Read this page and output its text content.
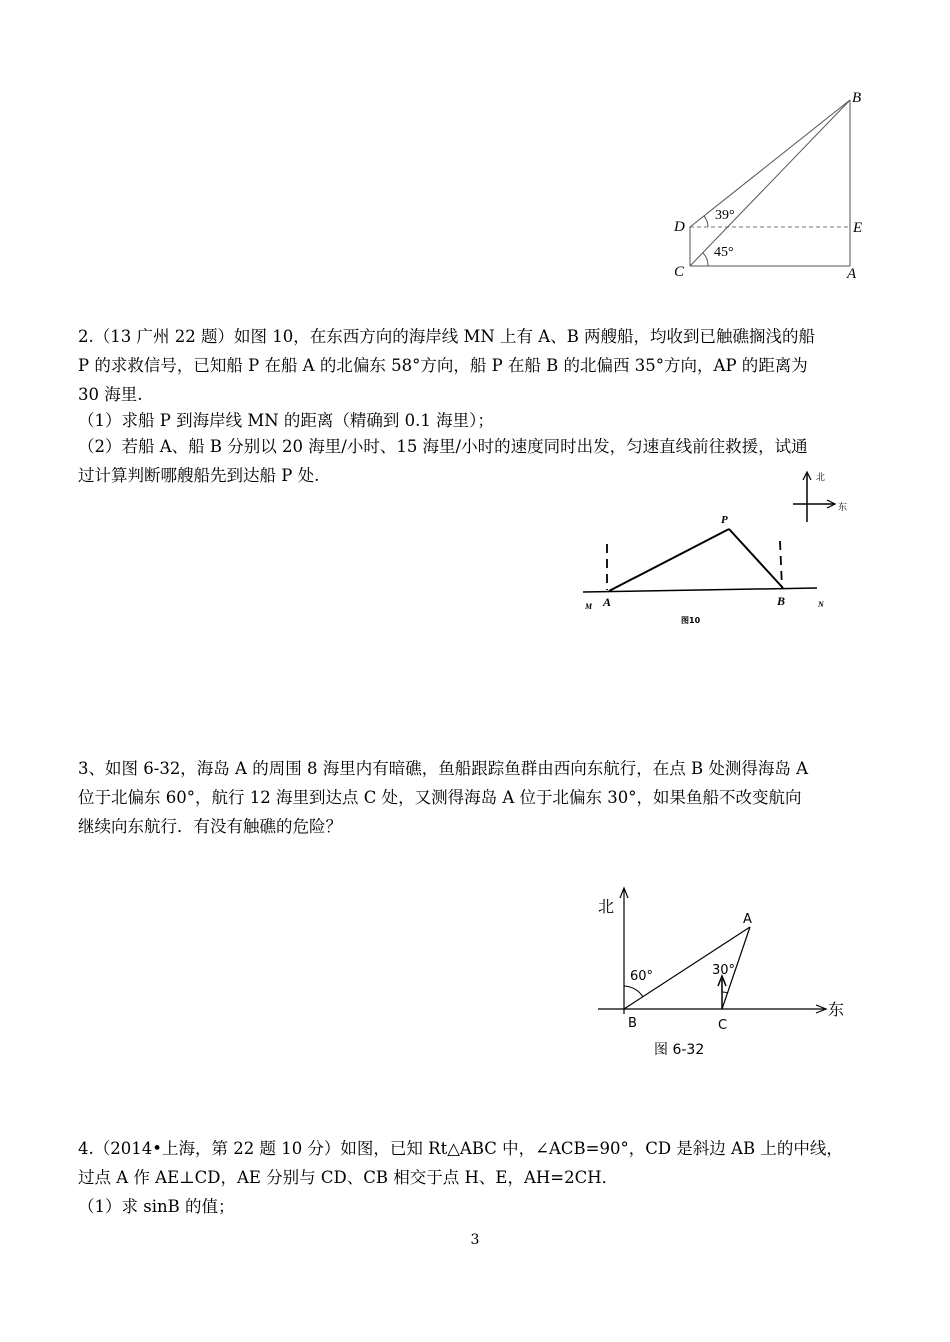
B
D	E
C	A
39°
45°
2.（13 广州 22 题）如图 10，在东西方向的海岸线 MN 上有 A、B 两艘船，均收到已触礁搁浅的船
P 的求救信号，已知船 P 在船 A 的北偏东 58°方向，船 P 在船 B 的北偏西 35°方向，AP 的距离为
30 海里.
（1）求船 P 到海岸线 MN 的距离（精确到 0.1 海里）；
（2）若船 A、船 B 分别以 20 海里/小时、15 海里/小时的速度同时出发，匀速直线前往救援，试通
过计算判断哪艘船先到达船 P 处.	北
东
P
A	B
M	N
图10
3、如图 6-32，海岛 A 的周围 8 海里内有暗礁，鱼船跟踪鱼群由西向东航行，在点 B 处测得海岛 A
位于北偏东 60°，航行 12 海里到达点 C 处，又测得海岛 A 位于北偏东 30°，如果鱼船不改变航向
继续向东航行．有没有触礁的危险？
北
东
A
B	C
60°	30°
图 6-32
4.（2014•上海，第 22 题 10 分）如图，已知 Rt△ABC 中，∠ACB=90°，CD 是斜边 AB 上的中线，
过点 A 作 AE⊥CD，AE 分别与 CD、CB 相交于点 H、E，AH=2CH．
（1）求 sinB 的值；
3
